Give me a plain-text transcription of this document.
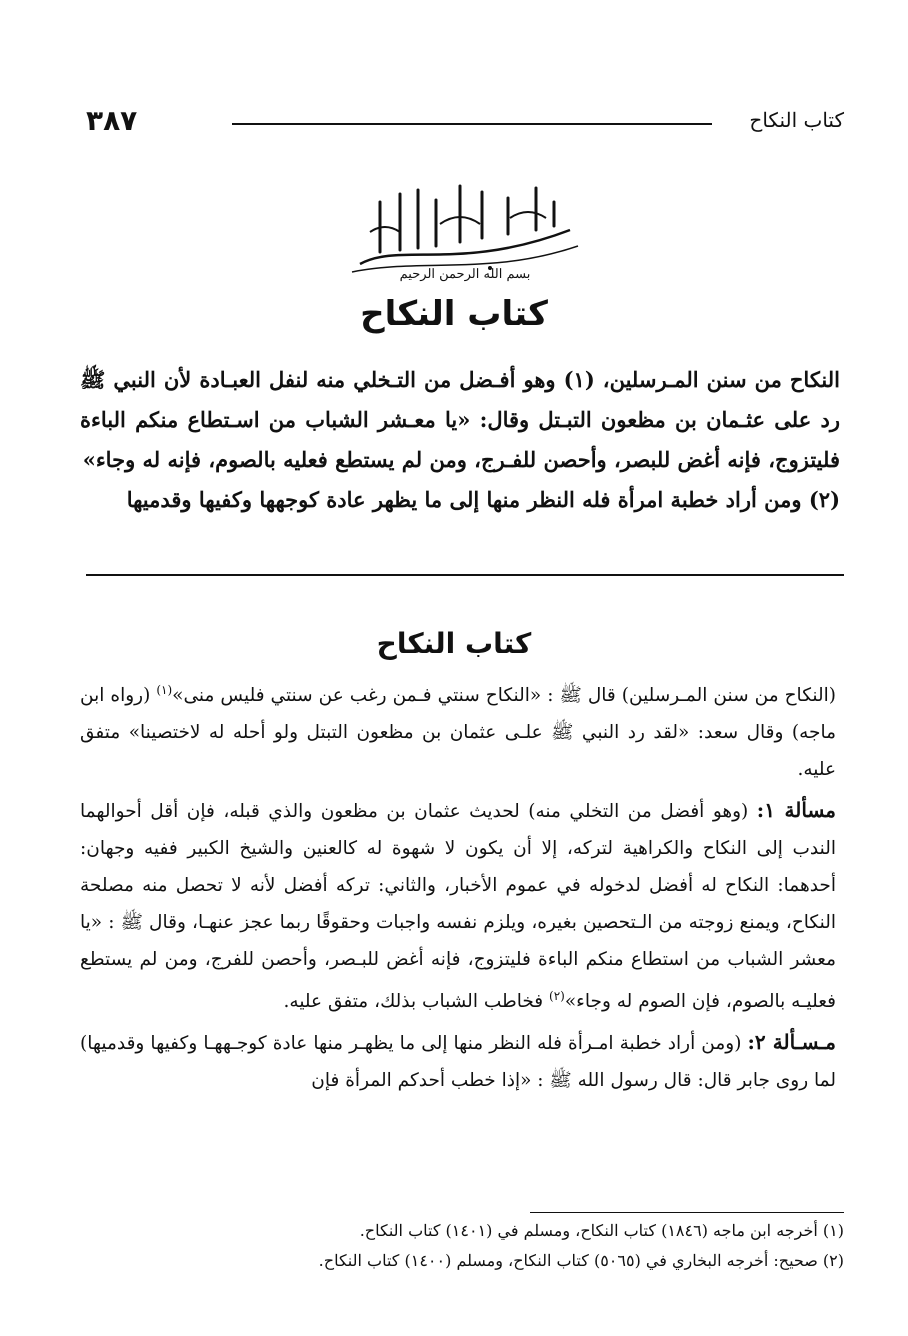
٣٨٧	كتاب النكاح
بسم الله الرحمن الرحيم
كتاب النكاح

النكاح من سنن المـرسلين، (١) وهو أفـضل من التـخلي منه لنفل العبـادة لأن النبي ﷺ رد على عثـمان بن مظعون التبـتل وقال: «يا معـشر الشباب من اسـتطاع منكم الباءة فليتزوج، فإنه أغض للبصر، وأحصن للفـرج، ومن لم يستطع فعليه بالصوم، فإنه له وجاء»

(٢) ومن أراد خطبة امرأة فله النظر منها إلى ما يظهر عادة كوجهها وكفيها وقدميها

كتاب النكاح

(النكاح من سنن المـرسلين) قال ﷺ : «النكاح سنتي فـمن رغب عن سنتي فليس منى»$^{(١)}$ (رواه ابن ماجه) وقال سعد: «لقد رد النبي ﷺ علـى عثمان بن مظعون التبتل ولو أحله له لاختصينا» متفق عليه.

مسألة ١: (وهو أفضل من التخلي منه) لحديث عثمان بن مظعون والذي قبله، فإن أقل أحوالهما الندب إلى النكاح والكراهية لتركه، إلا أن يكون لا شهوة له كالعنين والشيخ الكبير ففيه وجهان: أحدهما: النكاح له أفضل لدخوله في عموم الأخبار، والثاني: تركه أفضل لأنه لا تحصل منه مصلحة النكاح، ويمنع زوجته من الـتحصين بغيره، ويلزم نفسه واجبات وحقوقًا ربما عجز عنهـا، وقال ﷺ : «يا معشر الشباب من استطاع منكم الباءة فليتزوج، فإنه أغض للبـصر، وأحصن للفرج، ومن لم يستطع فعليـه بالصوم، فإن الصوم له وجاء»$^{(٢)}$ فخاطب الشباب بذلك، متفق عليه.

مـسـألة ٢: (ومن أراد خطبة امـرأة فله النظر منها إلى ما يظهـر منها عادة كوجـههـا وكفيها وقدميها) لما روى جابر قال: قال رسول الله ﷺ : «إذا خطب أحدكم المرأة فإن

(١) أخرجه ابن ماجه (١٨٤٦) كتاب النكاح، ومسلم في (١٤٠١) كتاب النكاح.

(٢) صحيح: أخرجه البخاري في (٥٠٦٥) كتاب النكاح، ومسلم (١٤٠٠) كتاب النكاح.
